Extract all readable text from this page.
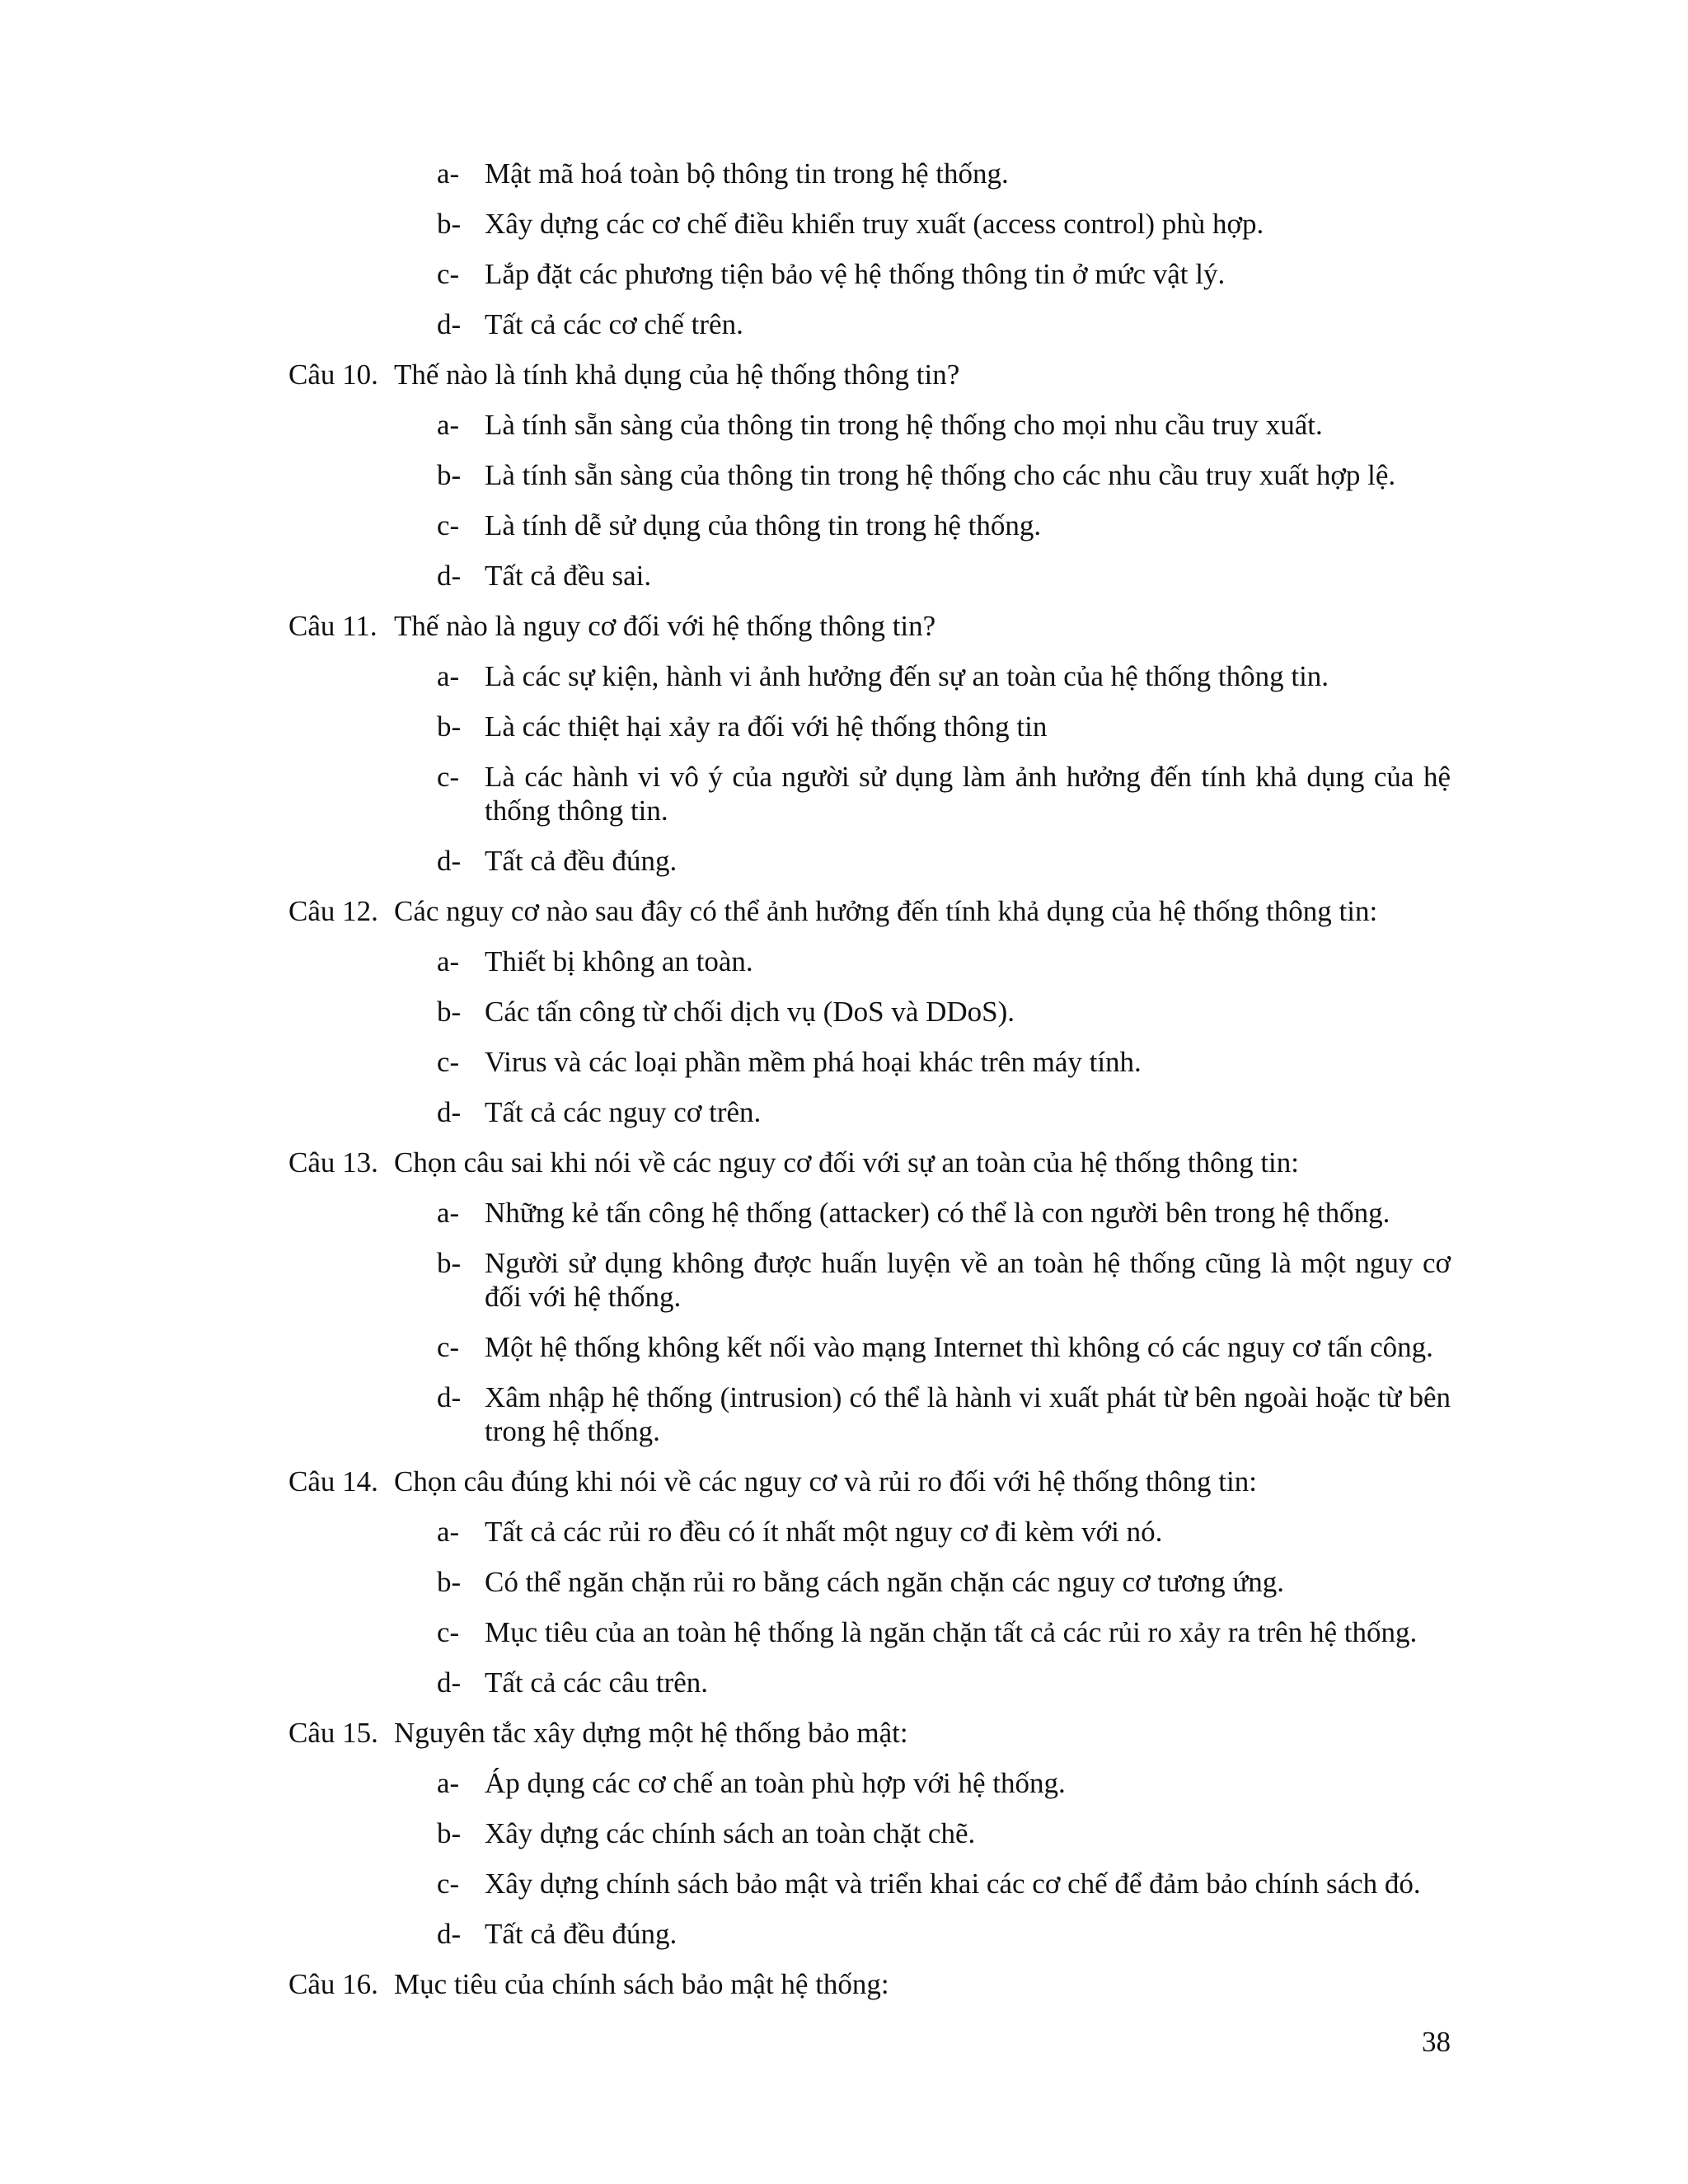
a- Mật mã hoá toàn bộ thông tin trong hệ thống.
b- Xây dựng các cơ chế điều khiển truy xuất (access control) phù hợp.
c- Lắp đặt các phương tiện bảo vệ hệ thống thông tin ở mức vật lý.
d- Tất cả các cơ chế trên.
Câu 10. Thế nào là tính khả dụng của hệ thống thông tin?
a- Là tính sẵn sàng của thông tin trong hệ thống cho mọi nhu cầu truy xuất.
b- Là tính sẵn sàng của thông tin trong hệ thống cho các nhu cầu truy xuất hợp lệ.
c- Là tính dễ sử dụng của thông tin trong hệ thống.
d- Tất cả đều sai.
Câu 11. Thế nào là nguy cơ đối với hệ thống thông tin?
a- Là các sự kiện, hành vi ảnh hưởng đến sự an toàn của hệ thống thông tin.
b- Là các thiệt hại xảy ra đối với hệ thống thông tin
c- Là các hành vi vô ý của người sử dụng làm ảnh hưởng đến tính khả dụng của hệ thống thông tin.
d- Tất cả đều đúng.
Câu 12. Các nguy cơ nào sau đây có thể ảnh hưởng đến tính khả dụng của hệ thống thông tin:
a- Thiết bị không an toàn.
b- Các tấn công từ chối dịch vụ (DoS và DDoS).
c- Virus và các loại phần mềm phá hoại khác trên máy tính.
d- Tất cả các nguy cơ trên.
Câu 13. Chọn câu sai khi nói về các nguy cơ đối với sự an toàn của hệ thống thông tin:
a- Những kẻ tấn công hệ thống (attacker) có thể là con người bên trong hệ thống.
b- Người sử dụng không được huấn luyện về an toàn hệ thống cũng là một nguy cơ đối với hệ thống.
c- Một hệ thống không kết nối vào mạng Internet thì không có các nguy cơ tấn công.
d- Xâm nhập hệ thống (intrusion) có thể là hành vi xuất phát từ bên ngoài hoặc từ bên trong hệ thống.
Câu 14. Chọn câu đúng khi nói về các nguy cơ và rủi ro đối với hệ thống thông tin:
a- Tất cả các rủi ro đều có ít nhất một nguy cơ đi kèm với nó.
b- Có thể ngăn chặn rủi ro bằng cách ngăn chặn các nguy cơ tương ứng.
c- Mục tiêu của an toàn hệ thống là ngăn chặn tất cả các rủi ro xảy ra trên hệ thống.
d- Tất cả các câu trên.
Câu 15. Nguyên tắc xây dựng một hệ thống bảo mật:
a- Áp dụng các cơ chế an toàn phù hợp với hệ thống.
b- Xây dựng các chính sách an toàn chặt chẽ.
c- Xây dựng chính sách bảo mật và triển khai các cơ chế để đảm bảo chính sách đó.
d- Tất cả đều đúng.
Câu 16. Mục tiêu của chính sách bảo mật hệ thống:
38
